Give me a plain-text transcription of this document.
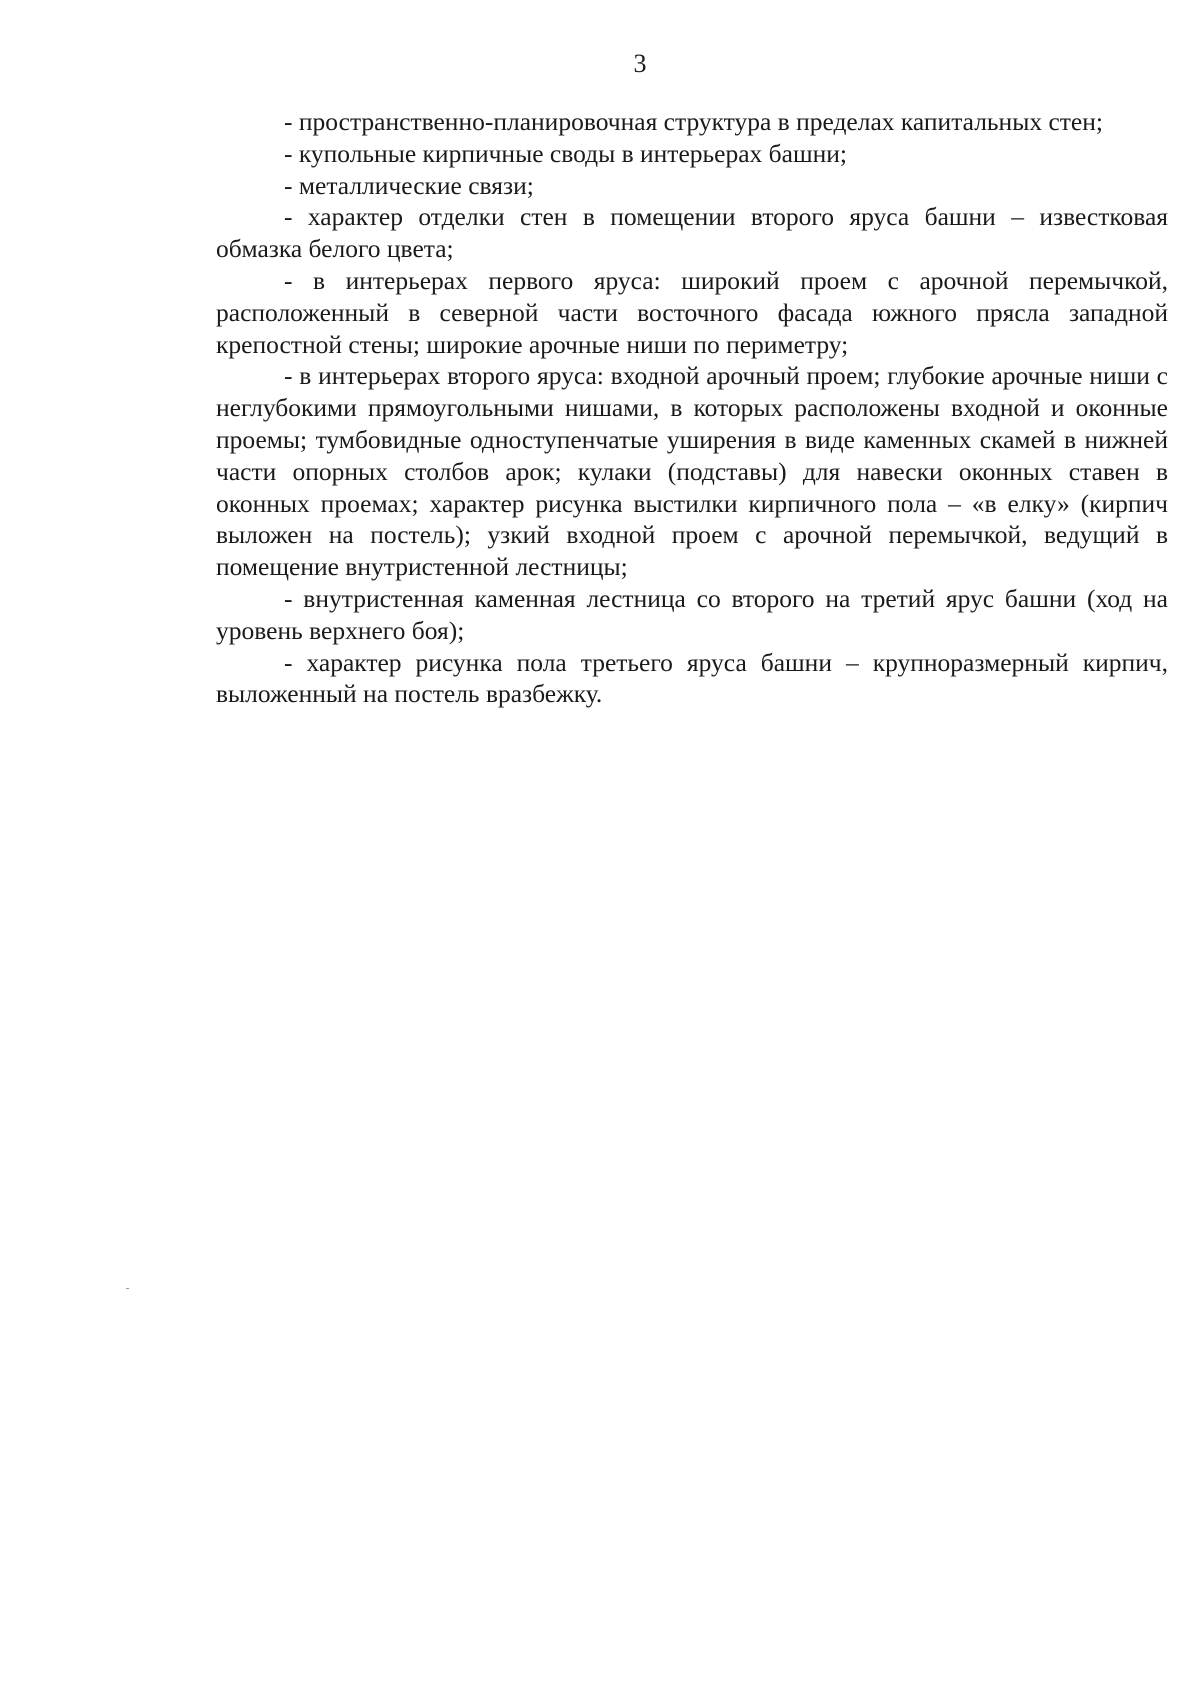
3

- пространственно-планировочная структура в пределах капитальных стен;

- купольные кирпичные своды в интерьерах башни;

- металлические связи;

- характер отделки стен в помещении второго яруса башни – известковая обмазка белого цвета;

- в интерьерах первого яруса: широкий проем с арочной перемычкой, расположенный в северной части восточного фасада южного прясла западной крепостной стены; широкие арочные ниши по периметру;

- в интерьерах второго яруса: входной арочный проем; глубокие арочные ниши с неглубокими прямоугольными нишами, в которых расположены входной и оконные проемы; тумбовидные одноступенчатые уширения в виде каменных скамей в нижней части опорных столбов арок; кулаки (подставы) для навески оконных ставен в оконных проемах; характер рисунка выстилки кирпичного пола – «в елку» (кирпич выложен на постель); узкий входной проем с арочной перемычкой, ведущий в помещение внутристенной лестницы;

- внутристенная каменная лестница со второго на третий ярус башни (ход на уровень верхнего боя);

- характер рисунка пола третьего яруса башни – крупноразмерный кирпич, выложенный на постель вразбежку.
